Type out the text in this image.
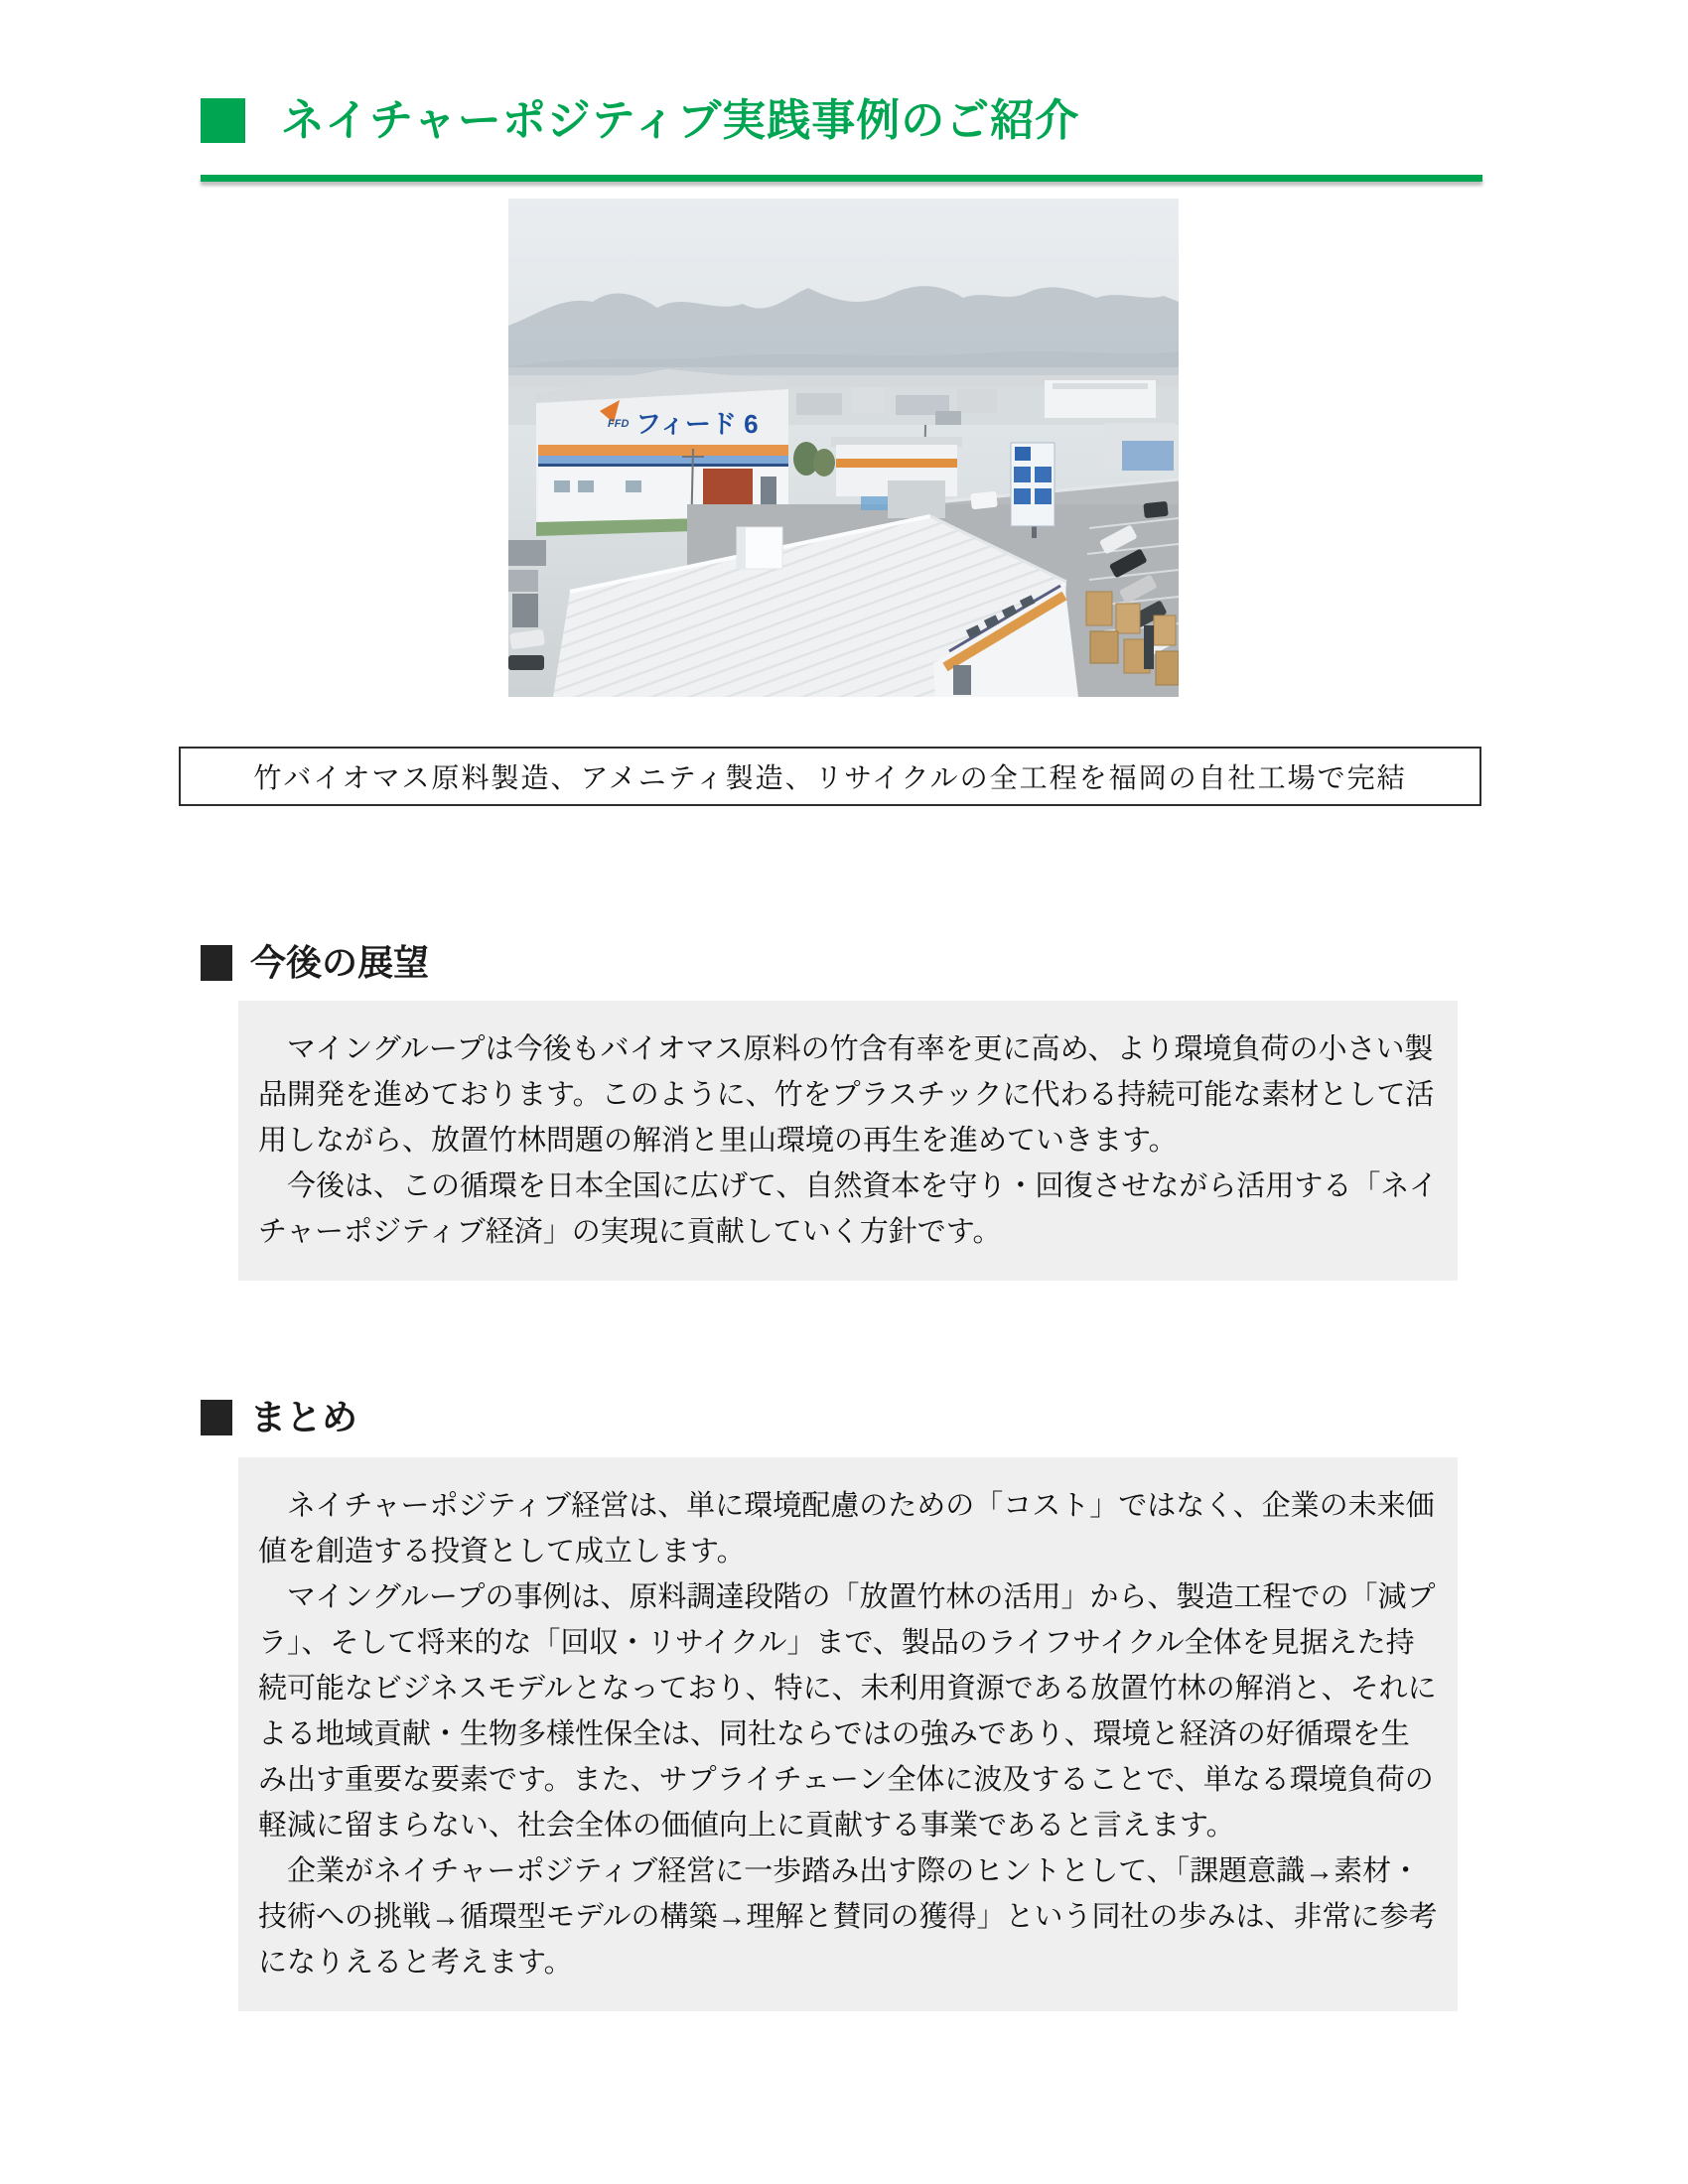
ネイチャーポジティブ実践事例のご紹介
FFD フィード 6
竹バイオマス原料製造、アメニティ製造、リサイクルの全工程を福岡の自社工場で完結
今後の展望

　マイングループは今後もバイオマス原料の竹含有率を更に高め、より環境負荷の小さい製品開発を進めております。このように、竹をプラスチックに代わる持続可能な素材として活用しながら、放置竹林問題の解消と里山環境の再生を進めていきます。

　今後は、この循環を日本全国に広げて、自然資本を守り・回復させながら活用する「ネイチャーポジティブ経済」の実現に貢献していく方針です。

まとめ

　ネイチャーポジティブ経営は、単に環境配慮のための「コスト」ではなく、企業の未来価値を創造する投資として成立します。

　マイングループの事例は、原料調達段階の「放置竹林の活用」から、製造工程での「減プラ」、そして将来的な「回収・リサイクル」まで、製品のライフサイクル全体を見据えた持続可能なビジネスモデルとなっており、特に、未利用資源である放置竹林の解消と、それによる地域貢献・生物多様性保全は、同社ならではの強みであり、環境と経済の好循環を生み出す重要な要素です。また、サプライチェーン全体に波及することで、単なる環境負荷の軽減に留まらない、社会全体の価値向上に貢献する事業であると言えます。

　企業がネイチャーポジティブ経営に一歩踏み出す際のヒントとして、「課題意識→素材・技術への挑戦→循環型モデルの構築→理解と賛同の獲得」という同社の歩みは、非常に参考になりえると考えます。
